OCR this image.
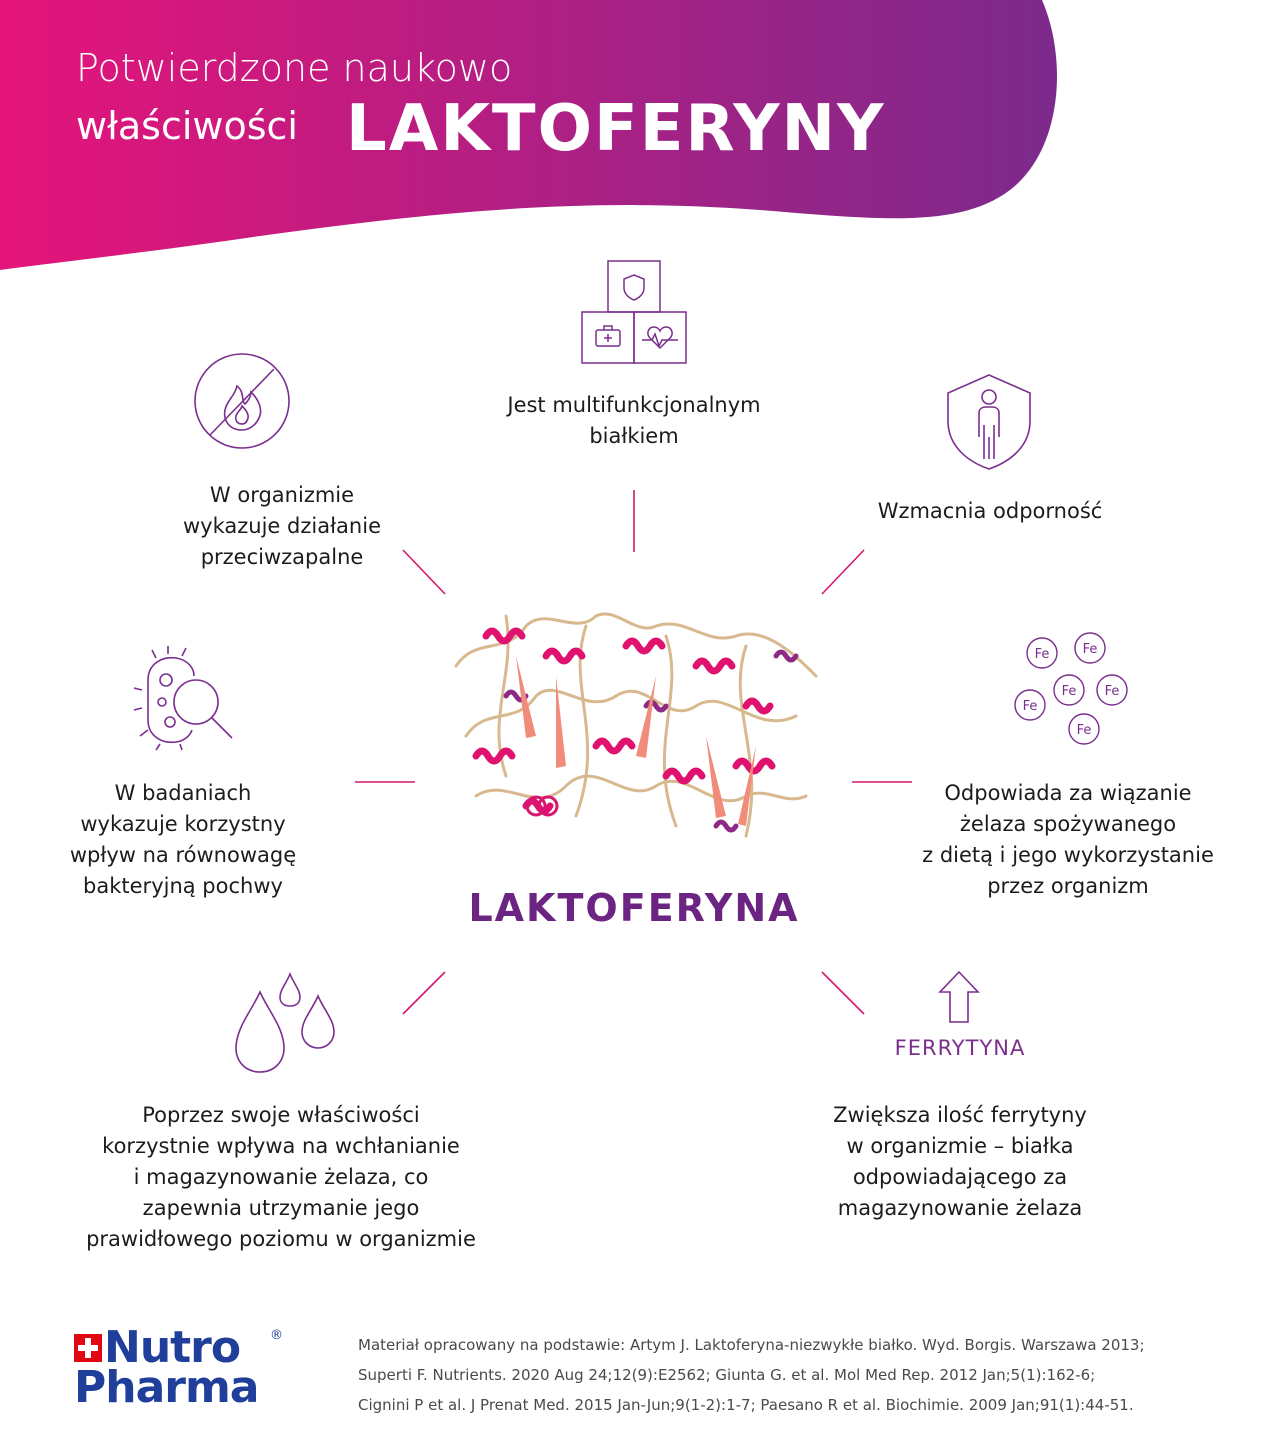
Potwierdzone naukowo
właściwości LAKTOFERYNY
Jest multifunkcjonalnym
białkiem
W organizmie
wykazuje działanie
przeciwzapalne
Wzmacnia odporność
W badaniach
wykazuje korzystny
wpływ na równowagę
bakteryjną pochwy
Fe	Fe
Fe Fe
Fe
Fe
Odpowiada za wiązanie
żelaza spożywanego
z dietą i jego wykorzystanie
przez organizm
Poprzez swoje właściwości
korzystnie wpływa na wchłanianie
i magazynowanie żelaza, co
zapewnia utrzymanie jego
prawidłowego poziomu w organizmie
FERRYTYNA
Zwiększa ilość ferrytyny
w organizmie – białka
odpowiadającego za
magazynowanie żelaza
LAKTOFERYNA
Nutro
Pharma
®
Materiał opracowany na podstawie: Artym J. Laktoferyna-niezwykłe białko. Wyd. Borgis. Warszawa 2013;
Superti F. Nutrients. 2020 Aug 24;12(9):E2562; Giunta G. et al. Mol Med Rep. 2012 Jan;5(1):162-6;
Cignini P et al. J Prenat Med. 2015 Jan-Jun;9(1-2):1-7; Paesano R et al. Biochimie. 2009 Jan;91(1):44-51.
